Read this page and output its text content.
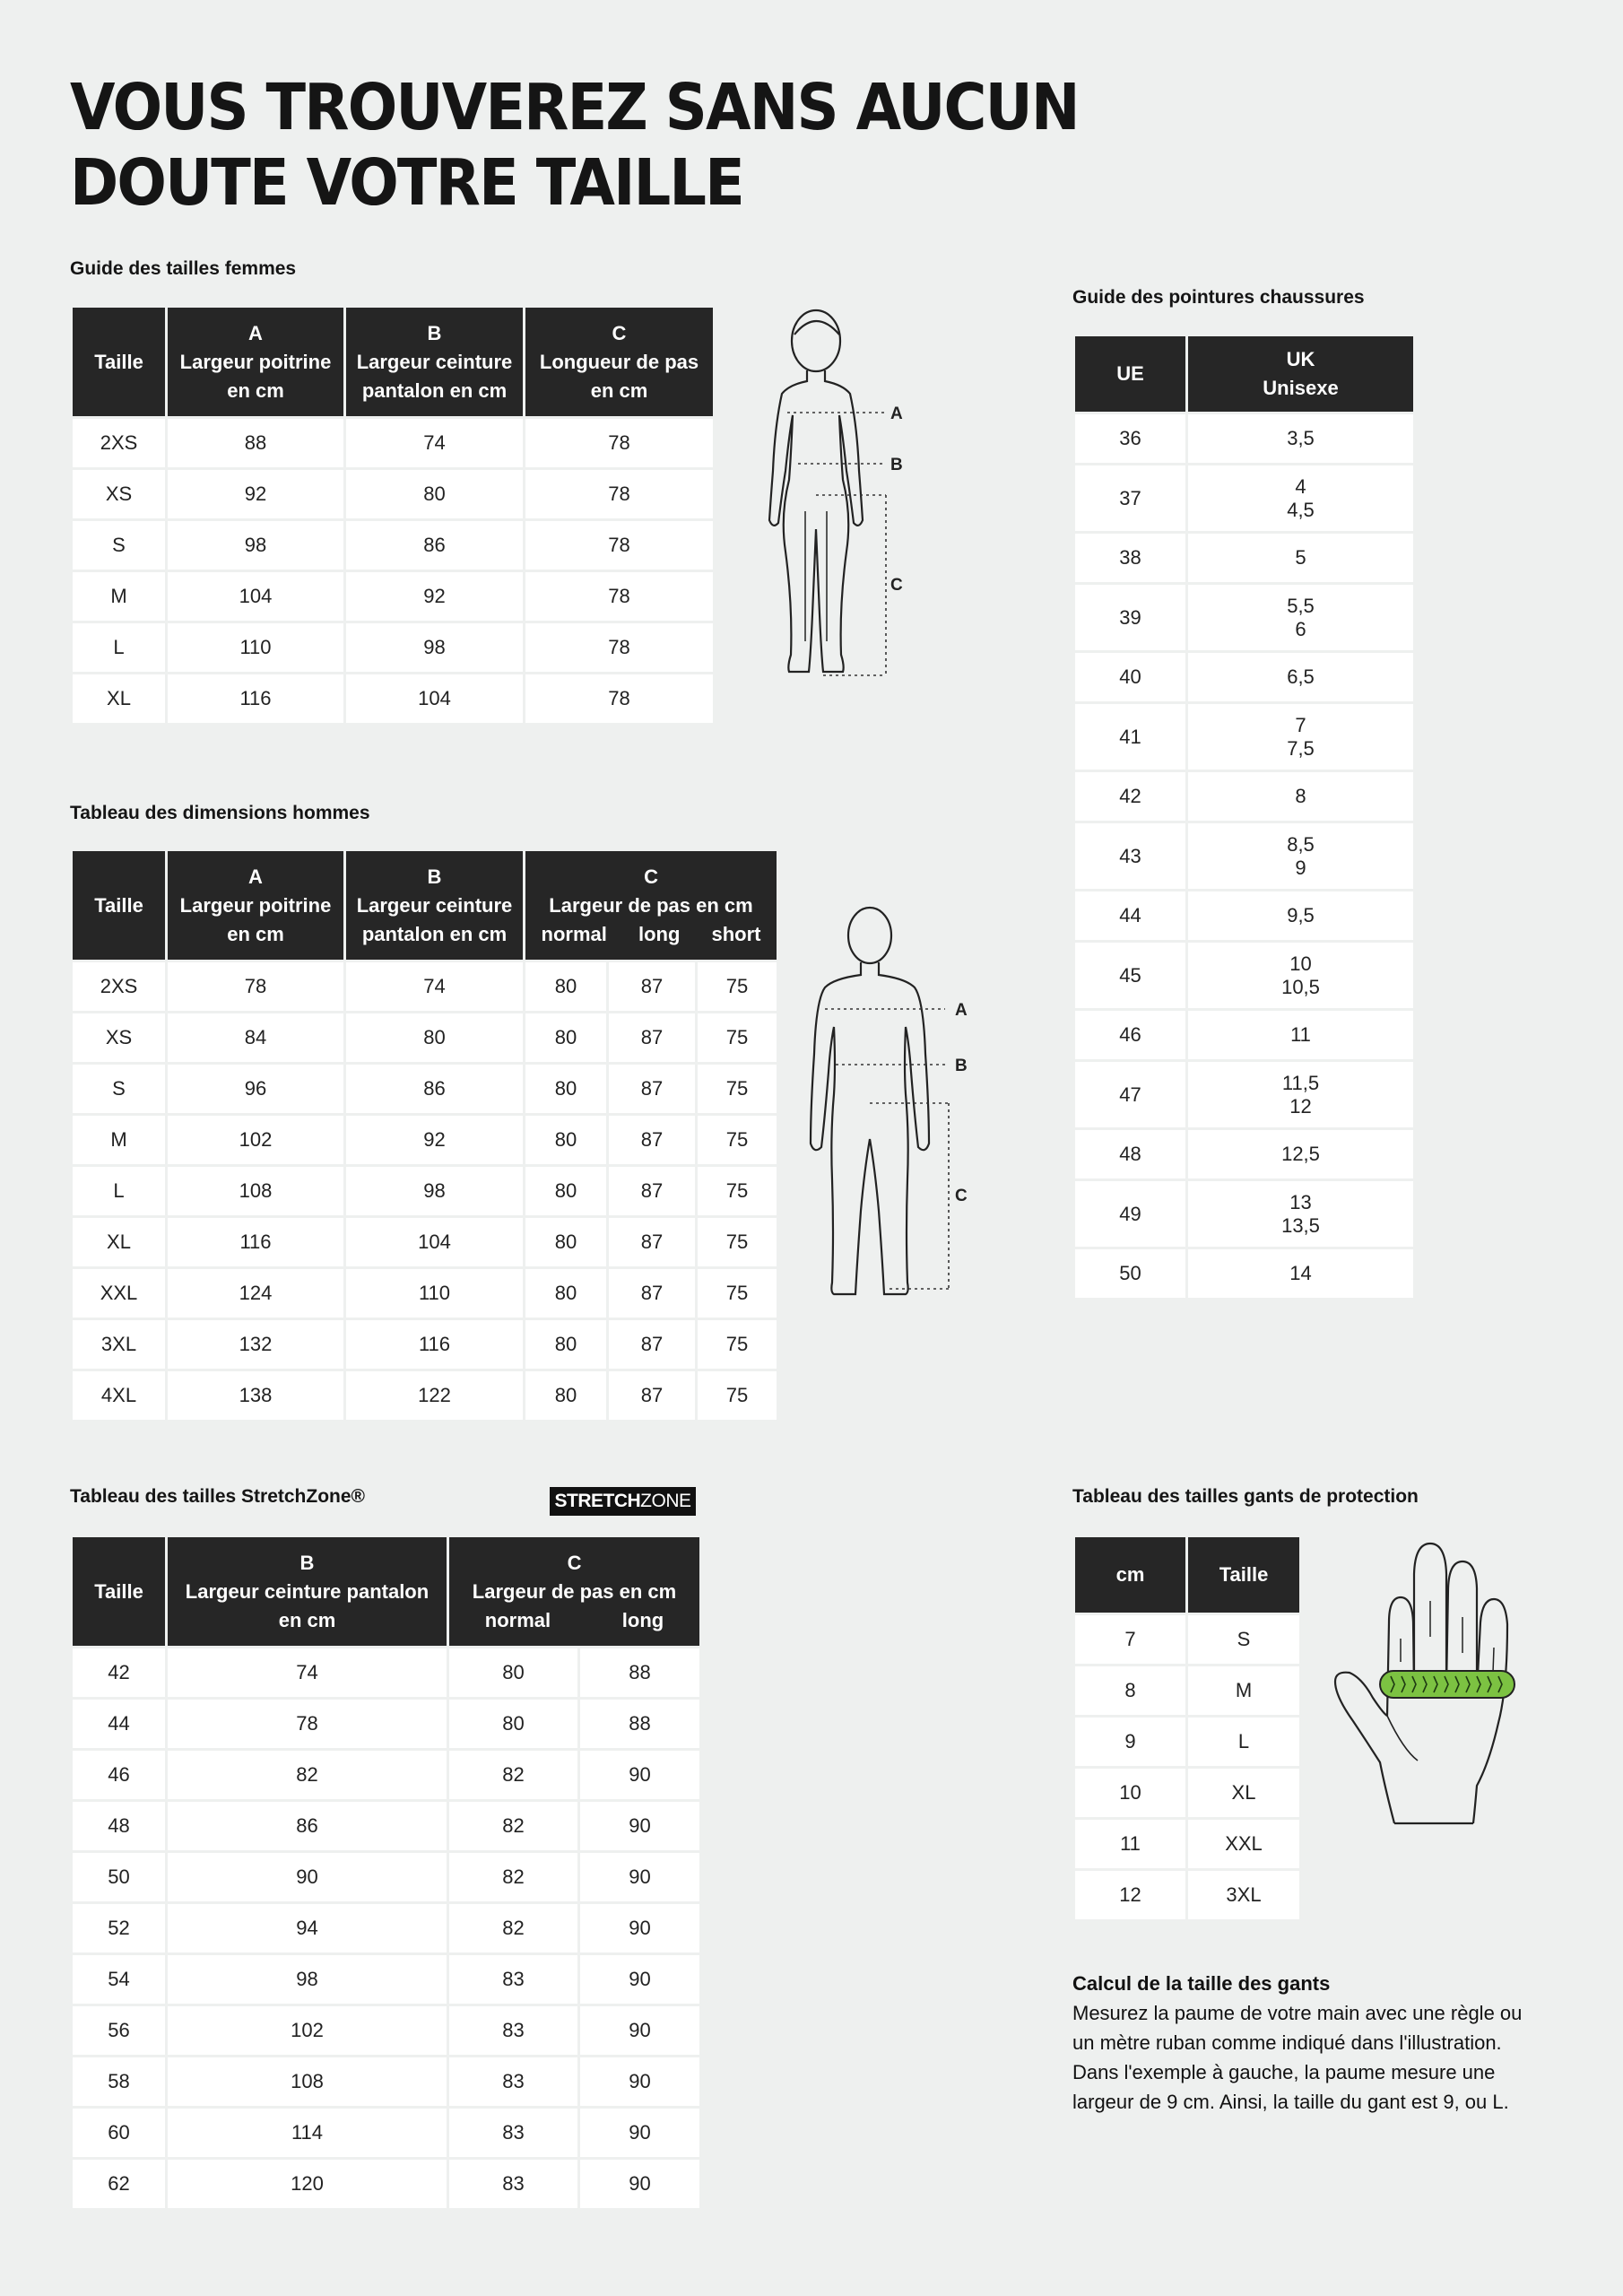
VOUS TROUVEREZ SANS AUCUN
DOUTE VOTRE TAILLE
Guide des tailles femmes
Taille	A
Largeur poitrine
en cm	B
Largeur ceinture
pantalon en cm	C
Longueur de pas
en cm
2XS	88	74	78
XS	92	80	78
S	98	86	78
M	104	92	78
L	110	98	78
XL	116	104	78
A
B
C
Tableau des dimensions hommes
Taille	A
Largeur poitrine
en cm	B
Largeur ceinture
pantalon en cm	C
Largeur de pas en cm

normal long short		

2XS	78	74	80	87	75
XS	84	80	80	87	75
S	96	86	80	87	75
M	102	92	80	87	75
L	108	98	80	87	75
XL	116	104	80	87	75
XXL	124	110	80	87	75
3XL	132	116	80	87	75
4XL	138	122	80	87	75
A
B
C
Tableau des tailles StretchZone®	STRETCH ZONE
Taille	B
Largeur ceinture pantalon
en cm	C
Largeur de pas en cm

normal long	

42	74	80	88
44	78	80	88
46	82	82	90
48	86	82	90
50	90	82	90
52	94	82	90
54	98	83	90
56	102	83	90
58	108	83	90
60	114	83	90
62	120	83	90
Guide des pointures chaussures
UE	UK
Unisexe
36	3,5
37	4
4,5
38	5
39	5,5
6
40	6,5
41	7
7,5
42	8
43	8,5
9
44	9,5
45	10
10,5
46	11
47	11,5
12
48	12,5
49	13
13,5
50	14
Tableau des tailles gants de protection
cm	Taille
7	S
8	M
9	L
10	XL
11	XXL
12	3XL
Calcul de la taille des gants
Mesurez la paume de votre main avec une règle ou
un mètre ruban comme indiqué dans l'illustration.
Dans l'exemple à gauche, la paume mesure une
largeur de 9 cm. Ainsi, la taille du gant est 9, ou L.
